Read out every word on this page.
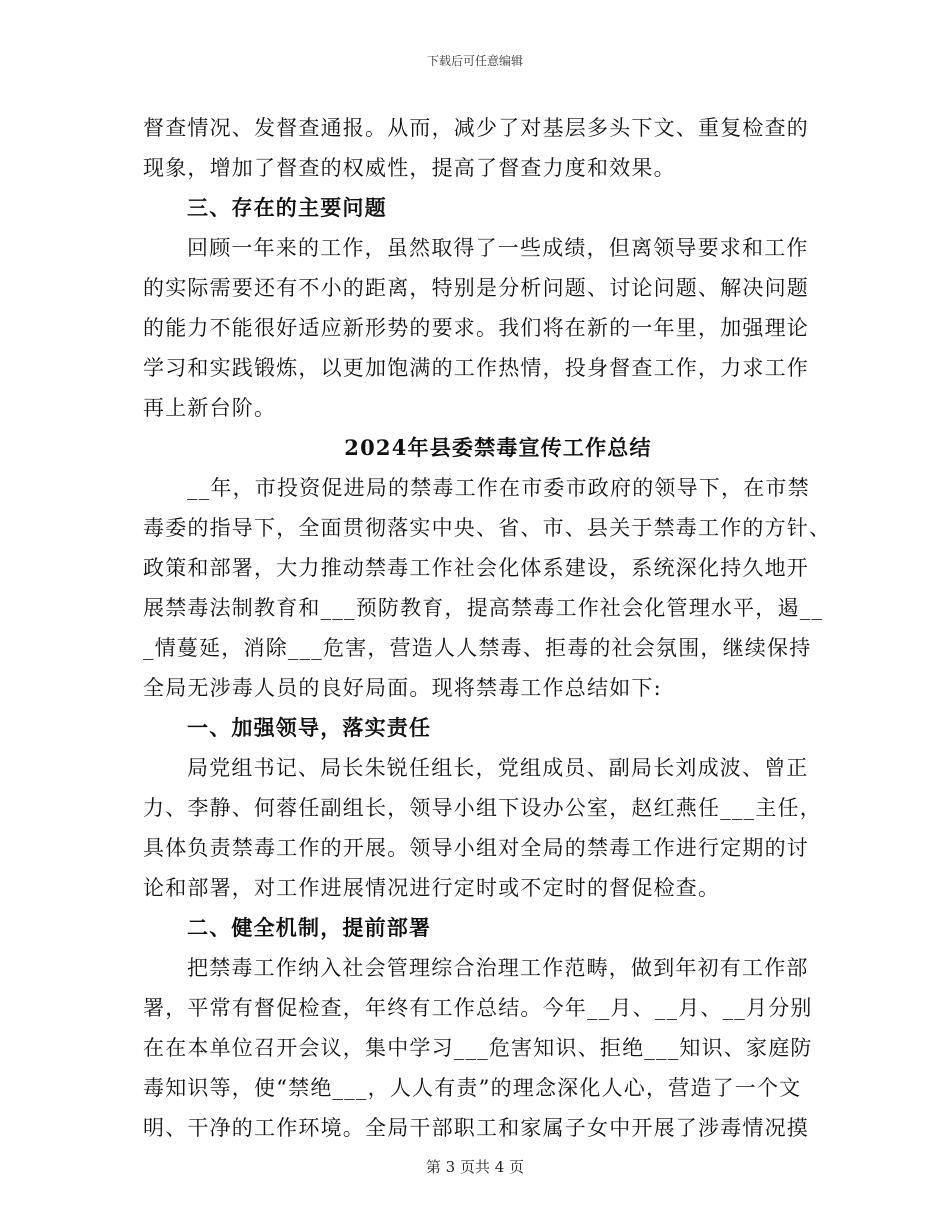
下载后可任意编辑
督查情况、发督查通报。从而，减少了对基层多头下文、重复检查的
现象，增加了督查的权威性，提高了督查力度和效果。
三、存在的主要问题
回顾一年来的工作，虽然取得了一些成绩，但离领导要求和工作
的实际需要还有不小的距离，特别是分析问题、讨论问题、解决问题
的能力不能很好适应新形势的要求。我们将在新的一年里，加强理论
学习和实践锻炼，以更加饱满的工作热情，投身督查工作，力求工作
再上新台阶。
2024年县委禁毒宣传工作总结
__年，市投资促进局的禁毒工作在市委市政府的领导下，在市禁
毒委的指导下，全面贯彻落实中央、省、市、县关于禁毒工作的方针、
政策和部署，大力推动禁毒工作社会化体系建设，系统深化持久地开
展禁毒法制教育和___预防教育，提高禁毒工作社会化管理水平，遏__
_情蔓延，消除___危害，营造人人禁毒、拒毒的社会氛围，继续保持
全局无涉毒人员的良好局面。现将禁毒工作总结如下:
一、加强领导，落实责任
局党组书记、局长朱锐任组长，党组成员、副局长刘成波、曾正
力、李静、何蓉任副组长，领导小组下设办公室，赵红燕任___主任，
具体负责禁毒工作的开展。领导小组对全局的禁毒工作进行定期的讨
论和部署，对工作进展情况进行定时或不定时的督促检查。
二、健全机制，提前部署
把禁毒工作纳入社会管理综合治理工作范畴，做到年初有工作部
署，平常有督促检查，年终有工作总结。今年__月、__月、__月分别
在在本单位召开会议，集中学习___危害知识、拒绝___知识、家庭防
毒知识等，使“禁绝___，人人有责”的理念深化人心，营造了一个文
明、干净的工作环境。全局干部职工和家属子女中开展了涉毒情况摸
第 3 页共 4 页
